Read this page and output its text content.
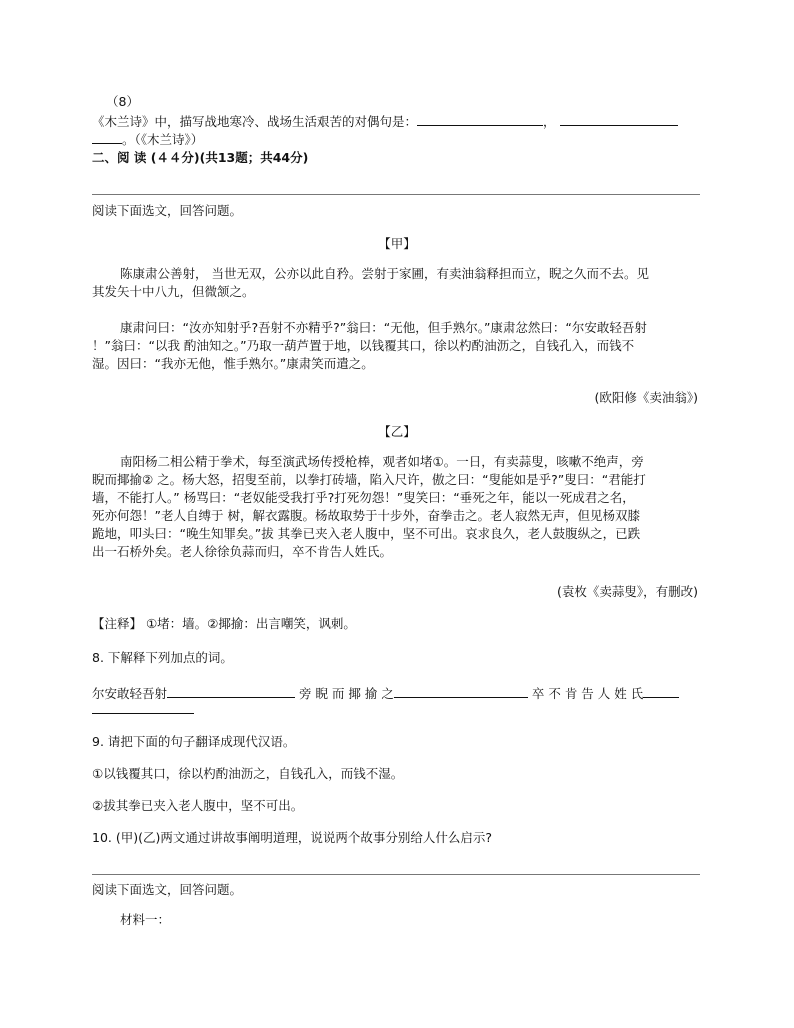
（8）
《木兰诗》中，描写战地寒冷、战场生活艰苦的对偶句是：	，
。（《木兰诗》）
二、阅 读 (４４分)(共13题；共44分)
阅读下面选文，回答问题。
【甲】
陈康肃公善射， 当世无双，公亦以此自矜。尝射于家圃，有卖油翁释担而立，睨之久而不去。见
其发矢十中八九，但微颔之。
康肃问曰：“汝亦知射乎?吾射不亦精乎?”翁曰：“无他，但手熟尔。”康肃忿然曰：“尔安敢轻吾射
！”翁曰：“以我 酌油知之。”乃取一葫芦置于地，以钱覆其口，徐以杓酌油沥之，自钱孔入，而钱不
湿。因曰：“我亦无他，惟手熟尔。”康肃笑而遣之。
(欧阳修《卖油翁》)
【乙】
南阳杨二相公精于拳术，每至演武场传授枪棒，观者如堵①。一日，有卖蒜叟，咳嗽不绝声，旁
睨而揶揄② 之。杨大怒，招叟至前，以拳打砖墙，陷入尺许，傲之曰：“叟能如是乎?”叟曰：“君能打
墙，不能打人。” 杨骂曰：“老奴能受我打乎?打死勿怨！”叟笑曰：“垂死之年，能以一死成君之名，
死亦何怨！”老人自缚于 树，解衣露腹。杨故取势于十步外，奋拳击之。老人寂然无声，但见杨双膝
跪地，叩头曰：“晚生知罪矣。”拔 其拳已夹入老人腹中，坚不可出。哀求良久，老人鼓腹纵之，已跌
出一石桥外矣。老人徐徐负蒜而归，卒不肯告人姓氏。
(袁枚《卖蒜叟》，有删改)
【注释】 ①堵：墙。②揶揄：出言嘲笑，讽刺。
8. 下解释下列加点的词。
尔安敢轻吾射	旁 睨 而 揶 揄 之	卒 不 肯 告 人 姓 氏
9. 请把下面的句子翻译成现代汉语。
①以钱覆其口，徐以杓酌油沥之，自钱孔入，而钱不湿。
②拔其拳已夹入老人腹中，坚不可出。
10. (甲)(乙)两文通过讲故事阐明道理，说说两个故事分别给人什么启示?
阅读下面选文，回答问题。
材料一：
